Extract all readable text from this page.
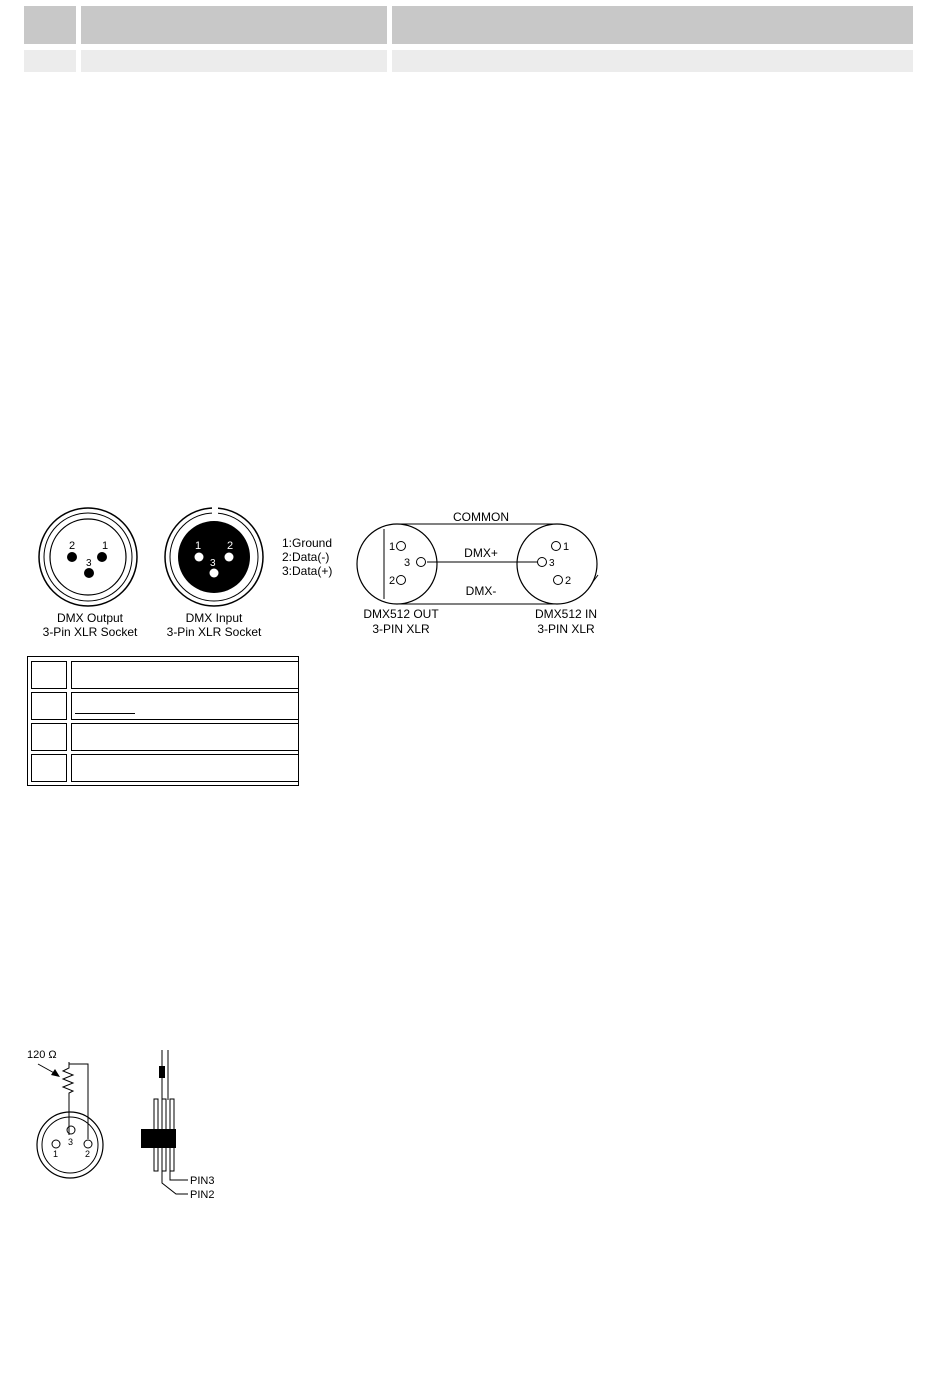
2 1
3
DMX Output
3-Pin XLR Socket
1 2
3
DMX Input
3-Pin XLR Socket
1:Ground
2:Data(-)
3:Data(+)
1
3
2
1
3
2
COMMON
DMX+
DMX-
DMX512 OUT
3-PIN XLR
DMX512 IN
3-PIN XLR
120 Ω
3
1	2
PIN3
PIN2
